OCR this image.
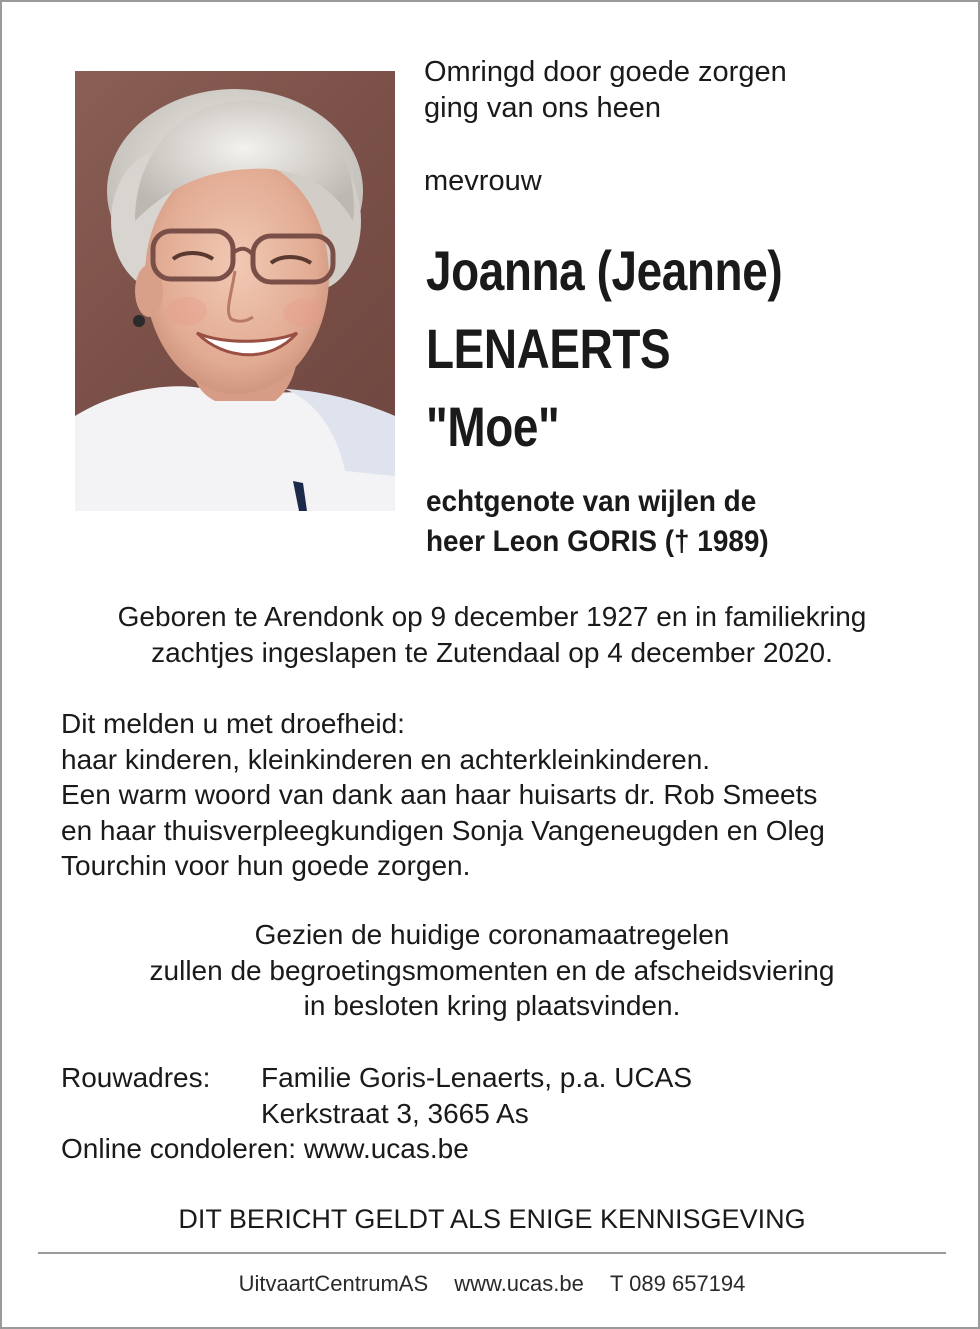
Omringd door goede zorgen
ging van ons heen
mevrouw
Joanna (Jeanne)
LENAERTS
"Moe"
echtgenote van wijlen de
heer Leon GORIS († 1989)
Geboren te Arendonk op 9 december 1927 en in familiekring
zachtjes ingeslapen te Zutendaal op 4 december 2020.
Dit melden u met droefheid:
haar kinderen, kleinkinderen en achterkleinkinderen.
Een warm woord van dank aan haar huisarts dr. Rob Smeets
en haar thuisverpleegkundigen Sonja Vangeneugden en Oleg
Tourchin voor hun goede zorgen.
Gezien de huidige coronamaatregelen
zullen de begroetingsmomenten en de afscheidsviering
in besloten kring plaatsvinden.
Rouwadres:	Familie Goris-Lenaerts, p.a. UCAS
Kerkstraat 3, 3665 As
Online condoleren: www.ucas.be
DIT BERICHT GELDT ALS ENIGE KENNISGEVING
UitvaartCentrumAS www.ucas.be T 089 657194
